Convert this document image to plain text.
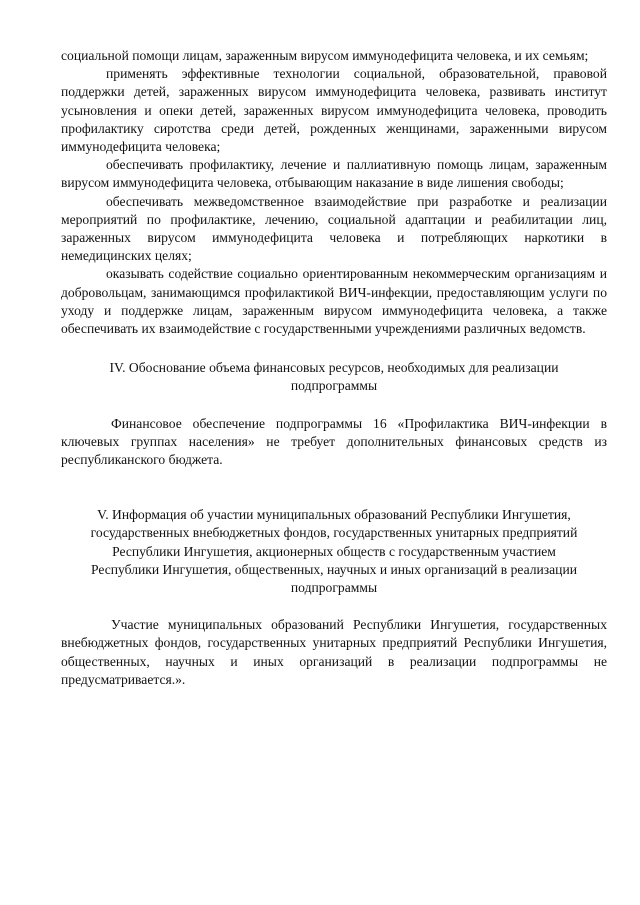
социальной помощи лицам, зараженным вирусом иммунодефицита человека, и их семьям;

применять эффективные технологии социальной, образовательной, правовой поддержки детей, зараженных вирусом иммунодефицита человека, развивать институт усыновления и опеки детей, зараженных вирусом иммунодефицита человека, проводить профилактику сиротства среди детей, рожденных женщинами, зараженными вирусом иммунодефицита человека;

обеспечивать профилактику, лечение и паллиативную помощь лицам, зараженным вирусом иммунодефицита человека, отбывающим наказание в виде лишения свободы;

обеспечивать межведомственное взаимодействие при разработке и реализации мероприятий по профилактике, лечению, социальной адаптации и реабилитации лиц, зараженных вирусом иммунодефицита человека и потребляющих наркотики в немедицинских целях;

оказывать содействие социально ориентированным некоммерческим организациям и добровольцам, занимающимся профилактикой ВИЧ-инфекции, предоставляющим услуги по уходу и поддержке лицам, зараженным вирусом иммунодефицита человека, а также обеспечивать их взаимодействие с государственными учреждениями различных ведомств.

IV. Обоснование объема финансовых ресурсов, необходимых для реализации
подпрограммы

Финансовое обеспечение подпрограммы 16 «Профилактика ВИЧ-инфекции в ключевых группах населения» не требует дополнительных финансовых средств из республиканского бюджета.

V. Информация об участии муниципальных образований Республики Ингушетия,
государственных внебюджетных фондов, государственных унитарных предприятий
Республики Ингушетия, акционерных обществ с государственным участием
Республики Ингушетия, общественных, научных и иных организаций в реализации
подпрограммы

Участие муниципальных образований Республики Ингушетия, государственных внебюджетных фондов, государственных унитарных предприятий Республики Ингушетия, общественных, научных и иных организаций в реализации подпрограммы не предусматривается.».
